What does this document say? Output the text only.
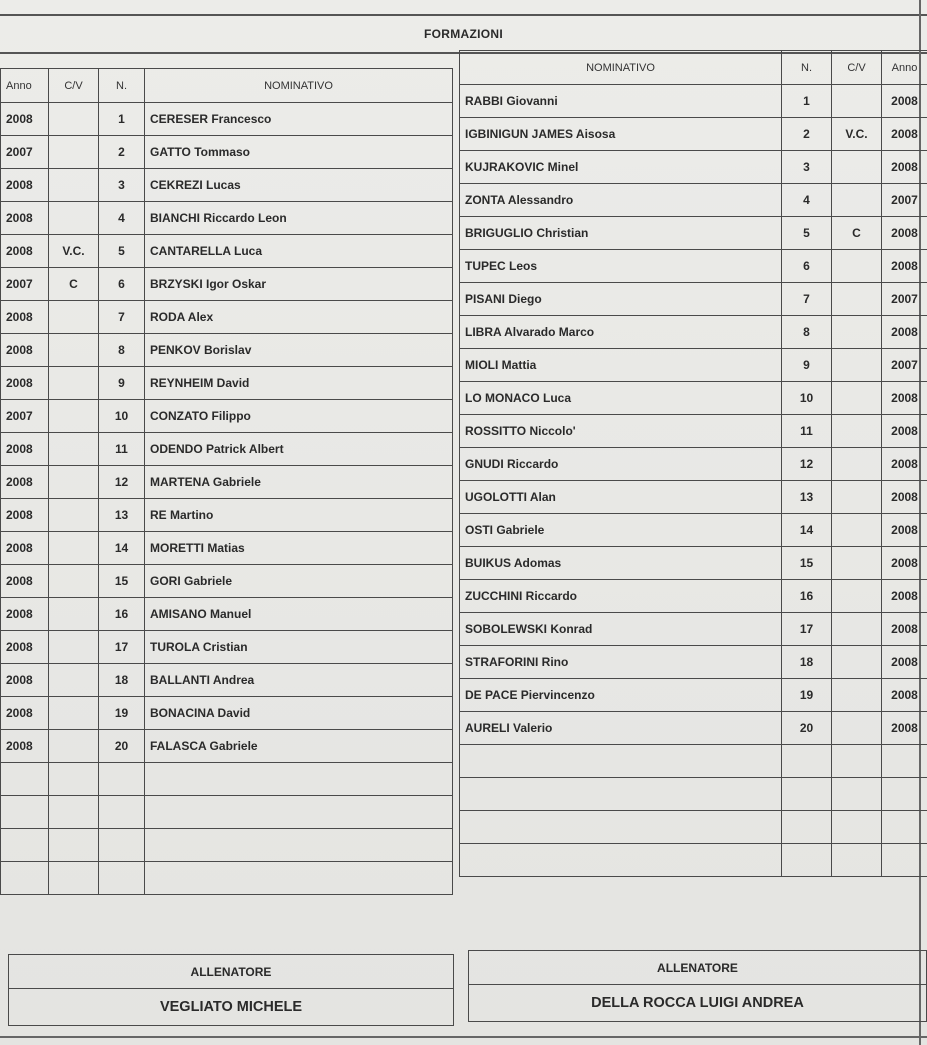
FORMAZIONI
Anno	C/V	N.	NOMINATIVO
2008		1	CERESER Francesco
2007		2	GATTO Tommaso
2008		3	CEKREZI Lucas
2008		4	BIANCHI Riccardo Leon
2008	V.C.	5	CANTARELLA Luca
2007	C	6	BRZYSKI Igor Oskar
2008		7	RODA Alex
2008		8	PENKOV Borislav
2008		9	REYNHEIM David
2007		10	CONZATO Filippo
2008		11	ODENDO Patrick Albert
2008		12	MARTENA Gabriele
2008		13	RE Martino
2008		14	MORETTI Matias
2008		15	GORI Gabriele
2008		16	AMISANO Manuel
2008		17	TUROLA Cristian
2008		18	BALLANTI Andrea
2008		19	BONACINA David
2008		20	FALASCA Gabriele

NOMINATIVO	N.	C/V	Anno
RABBI Giovanni	1		2008
IGBINIGUN JAMES Aisosa	2	V.C.	2008
KUJRAKOVIC Minel	3		2008
ZONTA Alessandro	4		2007
BRIGUGLIO Christian	5	C	2008
TUPEC Leos	6		2008
PISANI Diego	7		2007
LIBRA Alvarado Marco	8		2008
MIOLI Mattia	9		2007
LO MONACO Luca	10		2008
ROSSITTO Niccolo'	11		2008
GNUDI Riccardo	12		2008
UGOLOTTI Alan	13		2008
OSTI Gabriele	14		2008
BUIKUS Adomas	15		2008
ZUCCHINI Riccardo	16		2008
SOBOLEWSKI Konrad	17		2008
STRAFORINI Rino	18		2008
DE PACE Piervincenzo	19		2008
AURELI Valerio	20		2008

ALLENATORE
VEGLIATO MICHELE
ALLENATORE
DELLA ROCCA LUIGI ANDREA
